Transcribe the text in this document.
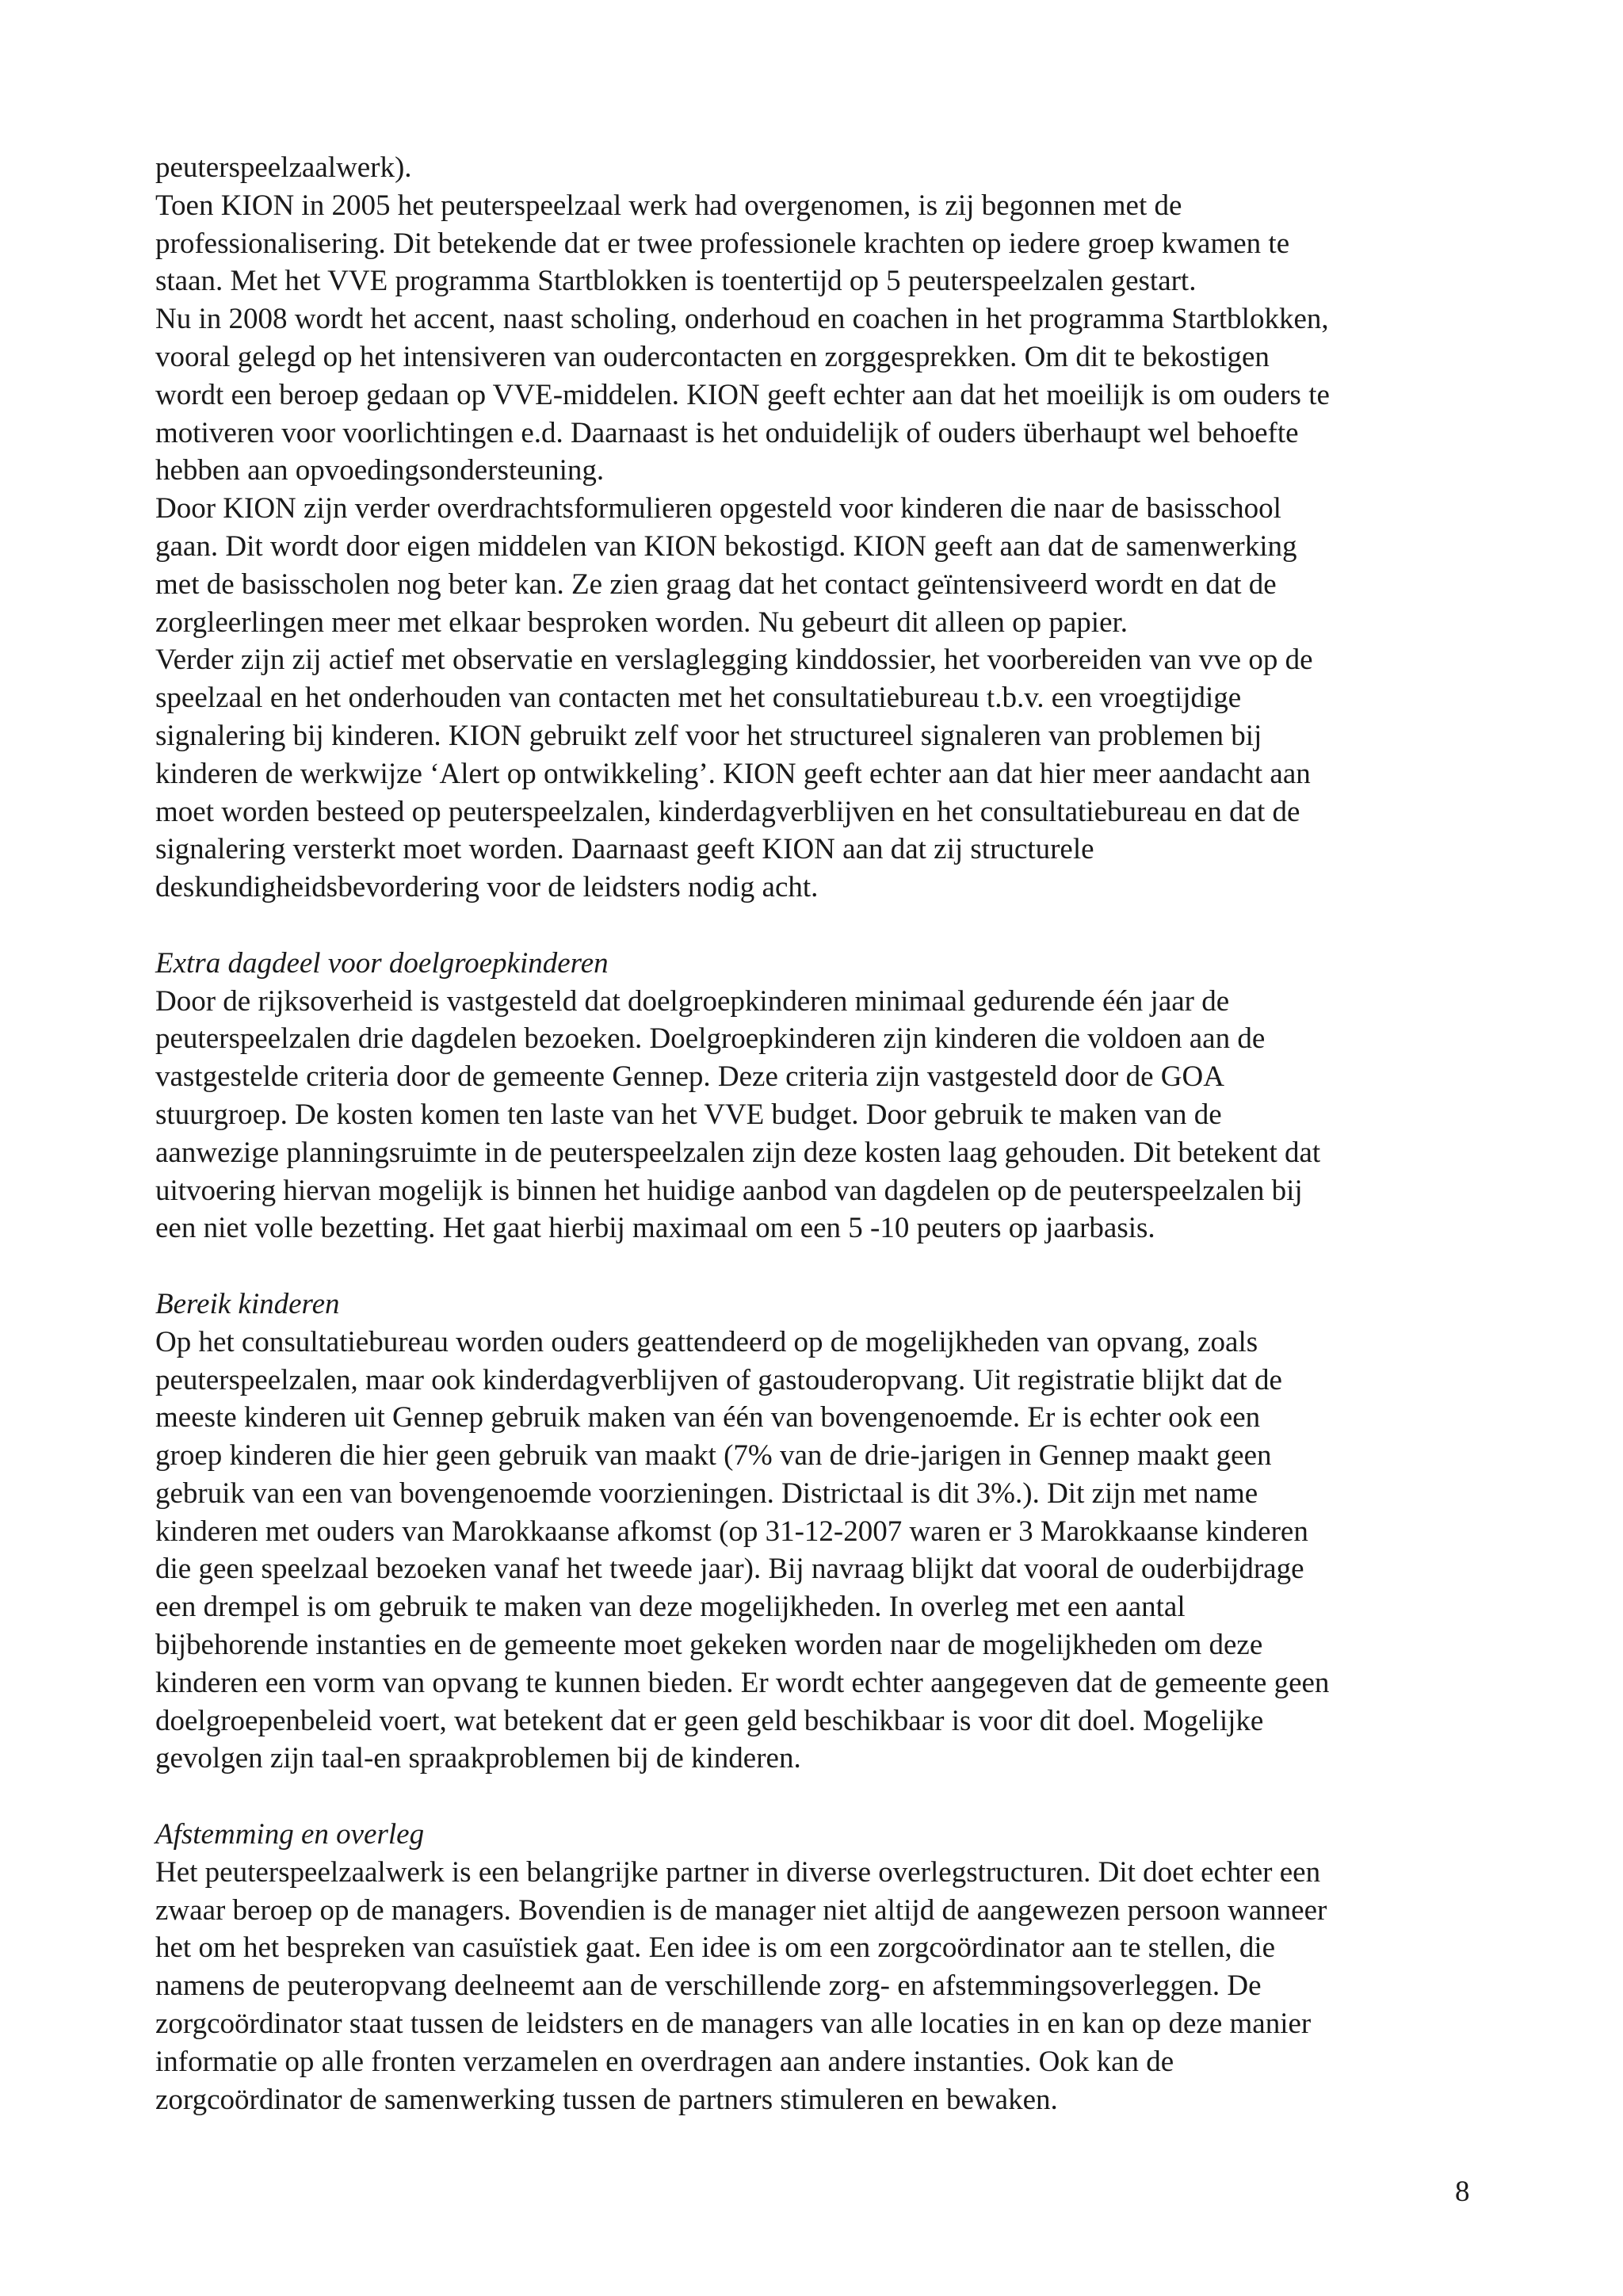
peuterspeelzaalwerk).
Toen KION in 2005 het peuterspeelzaal werk had overgenomen, is zij begonnen met de
professionalisering. Dit betekende dat er twee professionele krachten op iedere groep kwamen te
staan. Met het VVE programma Startblokken is toentertijd op 5 peuterspeelzalen gestart.
Nu in 2008 wordt het accent, naast scholing, onderhoud en coachen in het programma Startblokken,
vooral gelegd op het intensiveren van oudercontacten en zorggesprekken. Om dit te bekostigen
wordt een beroep gedaan op VVE-middelen. KION geeft echter aan dat het moeilijk is om ouders te
motiveren voor voorlichtingen e.d. Daarnaast is het onduidelijk of ouders überhaupt wel behoefte
hebben aan opvoedingsondersteuning.
Door KION zijn verder overdrachtsformulieren opgesteld voor kinderen die naar de basisschool
gaan. Dit wordt door eigen middelen van KION bekostigd. KION geeft aan dat de samenwerking
met de basisscholen nog beter kan. Ze zien graag dat het contact geïntensiveerd wordt en dat de
zorgleerlingen meer met elkaar besproken worden. Nu gebeurt dit alleen op papier.
Verder zijn zij actief met observatie en verslaglegging kinddossier, het voorbereiden van vve op de
speelzaal en het onderhouden van contacten met het consultatiebureau t.b.v. een vroegtijdige
signalering bij kinderen. KION gebruikt zelf voor het structureel signaleren van problemen bij
kinderen de werkwijze ‘Alert op ontwikkeling’. KION geeft echter aan dat hier meer aandacht aan
moet worden besteed op peuterspeelzalen, kinderdagverblijven en het consultatiebureau en dat de
signalering versterkt moet worden. Daarnaast geeft KION aan dat zij structurele
deskundigheidsbevordering voor de leidsters nodig acht.
Extra dagdeel voor doelgroepkinderen
Door de rijksoverheid is vastgesteld dat doelgroepkinderen minimaal gedurende één jaar de
peuterspeelzalen drie dagdelen bezoeken. Doelgroepkinderen zijn kinderen die voldoen aan de
vastgestelde criteria door de gemeente Gennep. Deze criteria zijn vastgesteld door de GOA
stuurgroep. De kosten komen ten laste van het VVE budget. Door gebruik te maken van de
aanwezige planningsruimte in de peuterspeelzalen zijn deze kosten laag gehouden. Dit betekent dat
uitvoering hiervan mogelijk is binnen het huidige aanbod van dagdelen op de peuterspeelzalen bij
een niet volle bezetting. Het gaat hierbij maximaal om een 5 -10 peuters op jaarbasis.
Bereik kinderen
Op het consultatiebureau worden ouders geattendeerd op de mogelijkheden van opvang, zoals
peuterspeelzalen, maar ook kinderdagverblijven of gastouderopvang. Uit registratie blijkt dat de
meeste kinderen uit Gennep gebruik maken van één van bovengenoemde. Er is echter ook een
groep kinderen die hier geen gebruik van maakt (7% van de drie-jarigen in Gennep maakt geen
gebruik van een van bovengenoemde voorzieningen. Districtaal is dit 3%.). Dit zijn met name
kinderen met ouders van Marokkaanse afkomst (op 31-12-2007 waren er 3 Marokkaanse kinderen
die geen speelzaal bezoeken vanaf het tweede jaar). Bij navraag blijkt dat vooral de ouderbijdrage
een drempel is om gebruik te maken van deze mogelijkheden. In overleg met een aantal
bijbehorende instanties en de gemeente moet gekeken worden naar de mogelijkheden om deze
kinderen een vorm van opvang te kunnen bieden. Er wordt echter aangegeven dat de gemeente geen
doelgroepenbeleid voert, wat betekent dat er geen geld beschikbaar is voor dit doel. Mogelijke
gevolgen zijn taal-en spraakproblemen bij de kinderen.
Afstemming en overleg
Het peuterspeelzaalwerk is een belangrijke partner in diverse overlegstructuren. Dit doet echter een
zwaar beroep op de managers. Bovendien is de manager niet altijd de aangewezen persoon wanneer
het om het bespreken van casuïstiek gaat. Een idee is om een zorgcoördinator aan te stellen, die
namens de peuteropvang deelneemt aan de verschillende zorg- en afstemmingsoverleggen. De
zorgcoördinator staat tussen de leidsters en de managers van alle locaties in en kan op deze manier
informatie op alle fronten verzamelen en overdragen aan andere instanties. Ook kan de
zorgcoördinator de samenwerking tussen de partners stimuleren en bewaken.
8
